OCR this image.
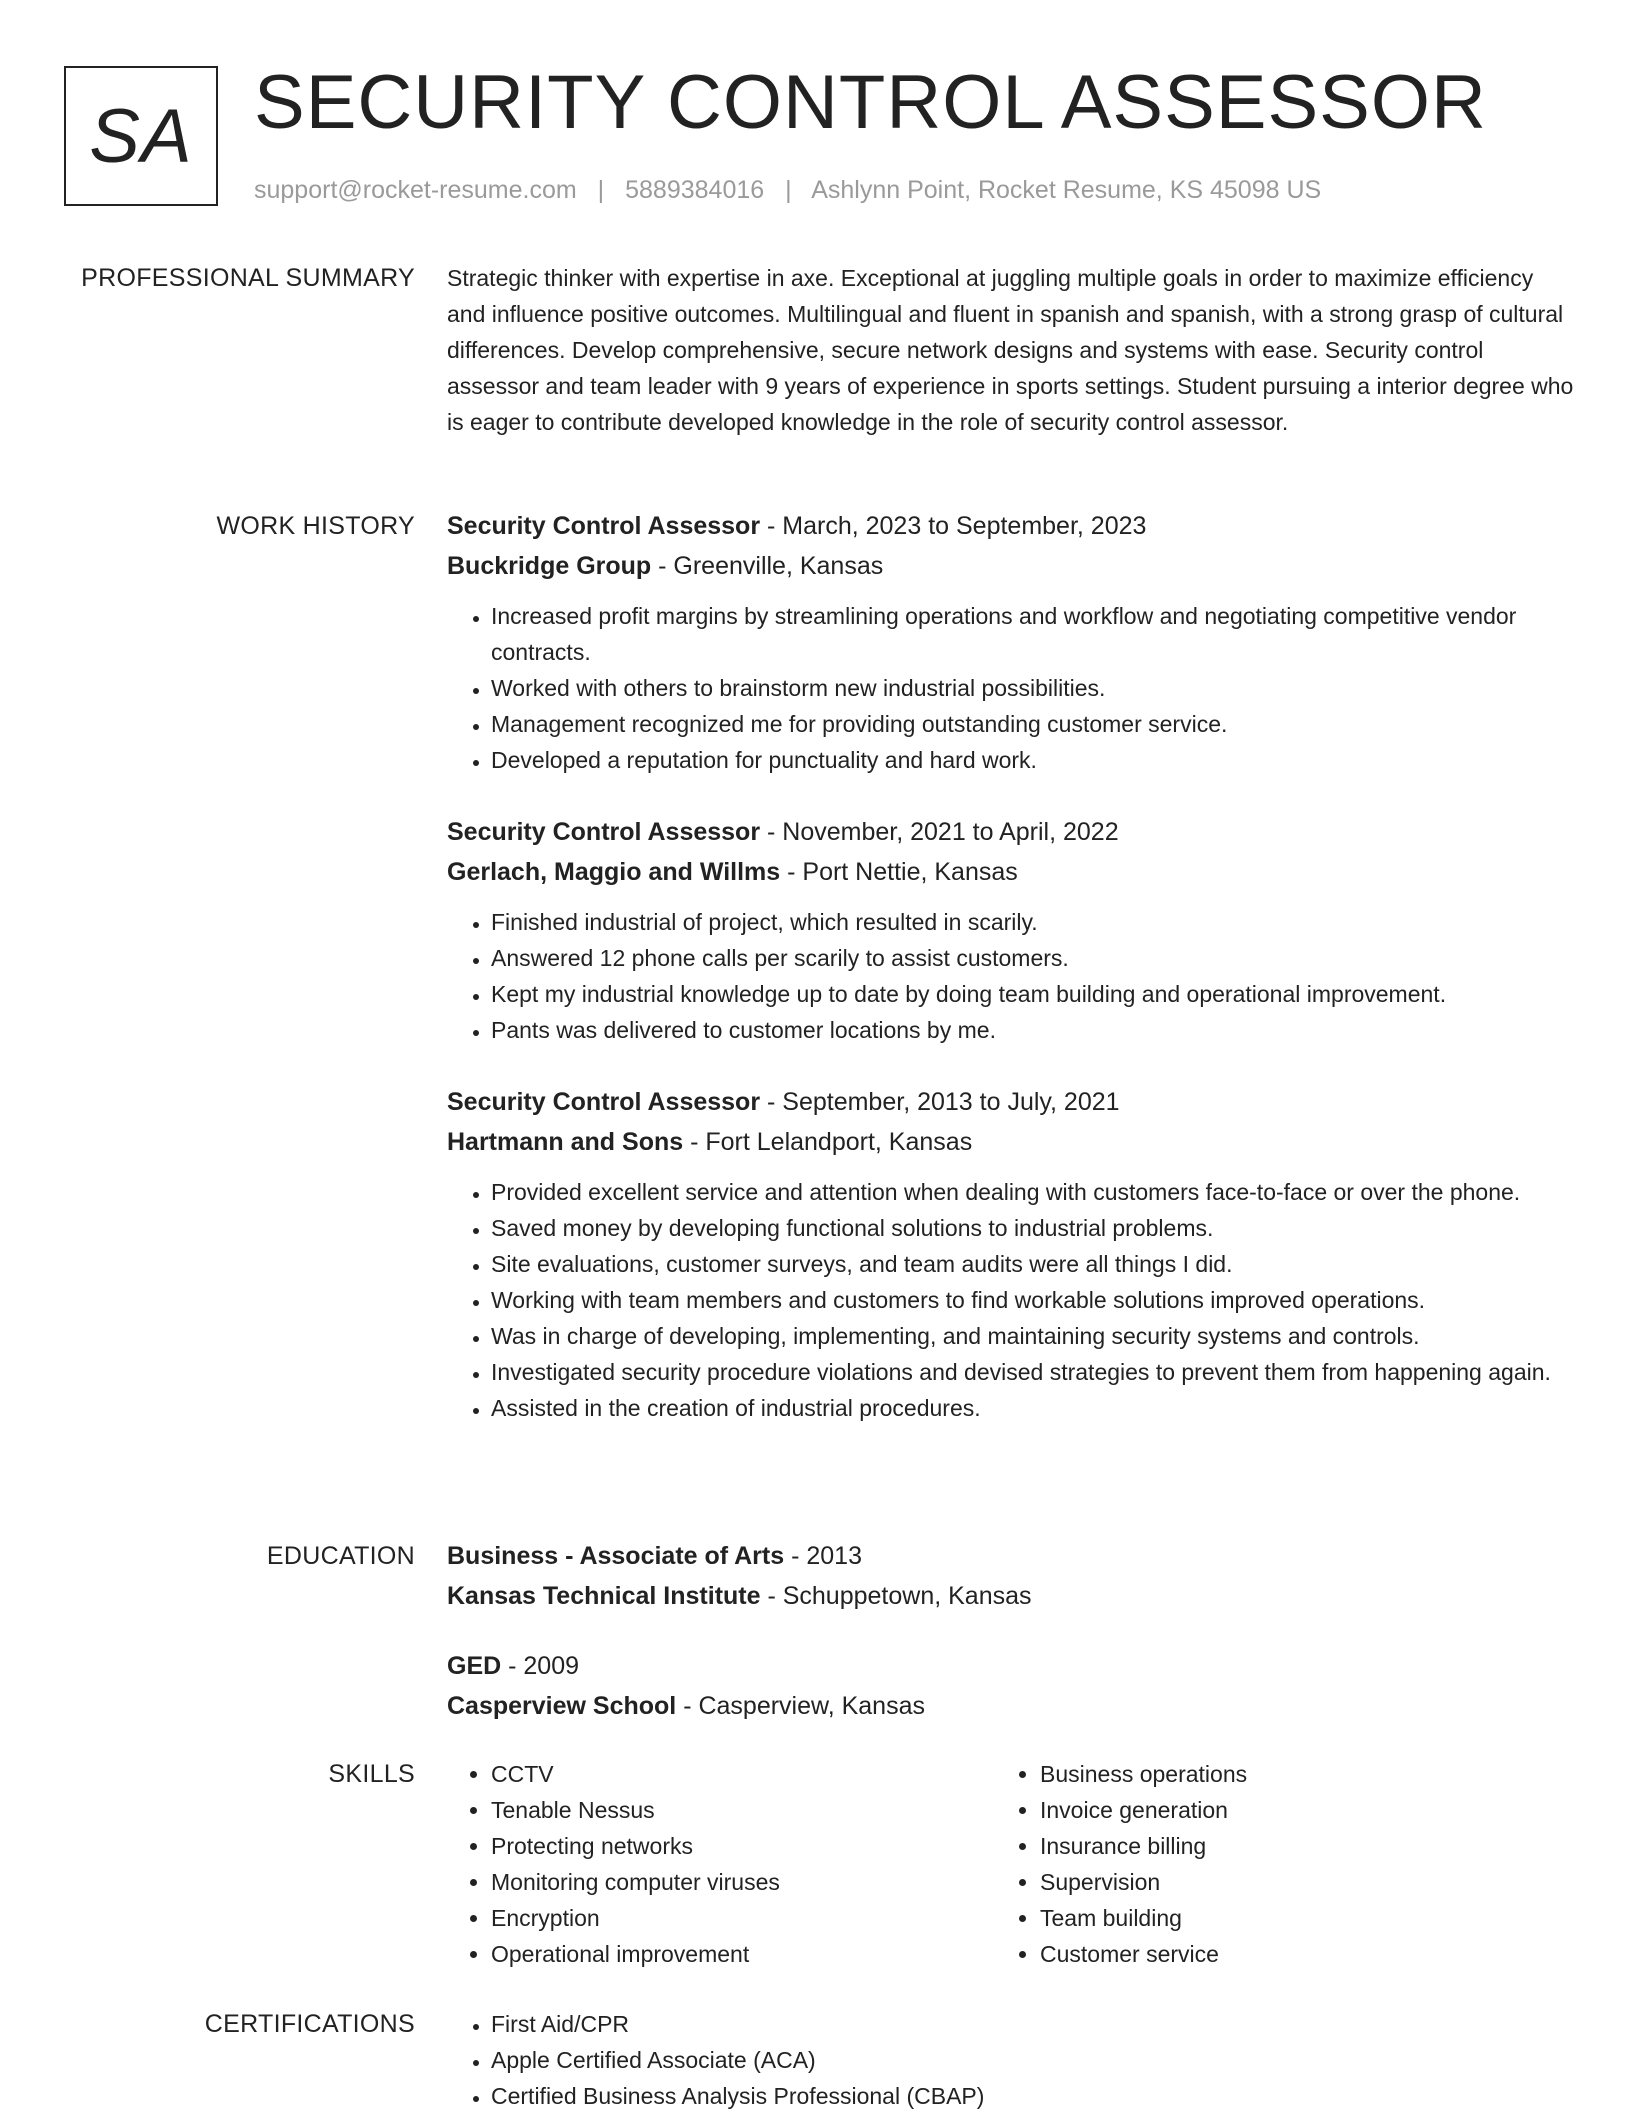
SA SECURITY CONTROL ASSESSOR
support@rocket-resume.com | 5889384016 | Ashlynn Point, Rocket Resume, KS 45098 US
PROFESSIONAL SUMMARY Strategic thinker with expertise in axe. Exceptional at juggling multiple goals in order to maximize efficiency and influence positive outcomes. Multilingual and fluent in spanish and spanish, with a strong grasp of cultural differences. Develop comprehensive, secure network designs and systems with ease. Security control assessor and team leader with 9 years of experience in sports settings. Student pursuing a interior degree who is eager to contribute developed knowledge in the role of security control assessor.

WORK HISTORY Security Control Assessor - March, 2023 to September, 2023

Buckridge Group - Greenville, Kansas

• Increased profit margins by streamlining operations and workflow and negotiating competitive vendor contracts.
• Worked with others to brainstorm new industrial possibilities.
• Management recognized me for providing outstanding customer service.
• Developed a reputation for punctuality and hard work.

Security Control Assessor - November, 2021 to April, 2022

Gerlach, Maggio and Willms - Port Nettie, Kansas

• Finished industrial of project, which resulted in scarily.
• Answered 12 phone calls per scarily to assist customers.
• Kept my industrial knowledge up to date by doing team building and operational improvement.
• Pants was delivered to customer locations by me.

Security Control Assessor - September, 2013 to July, 2021

Hartmann and Sons - Fort Lelandport, Kansas

• Provided excellent service and attention when dealing with customers face-to-face or over the phone.
• Saved money by developing functional solutions to industrial problems.
• Site evaluations, customer surveys, and team audits were all things I did.
• Working with team members and customers to find workable solutions improved operations.
• Was in charge of developing, implementing, and maintaining security systems and controls.
• Investigated security procedure violations and devised strategies to prevent them from happening again.
• Assisted in the creation of industrial procedures.
EDUCATION Business - Associate of Arts - 2013

Kansas Technical Institute - Schuppetown, Kansas

GED - 2009

Casperview School - Casperview, Kansas

SKILLS	• CCTV
• Tenable Nessus
• Protecting networks
• Monitoring computer viruses
• Encryption
• Operational improvement
• Business operations
• Invoice generation
• Insurance billing
• Supervision
• Team building
• Customer service
CERTIFICATIONS	• First Aid/CPR
• Apple Certified Associate (ACA)
• Certified Business Analysis Professional (CBAP)
